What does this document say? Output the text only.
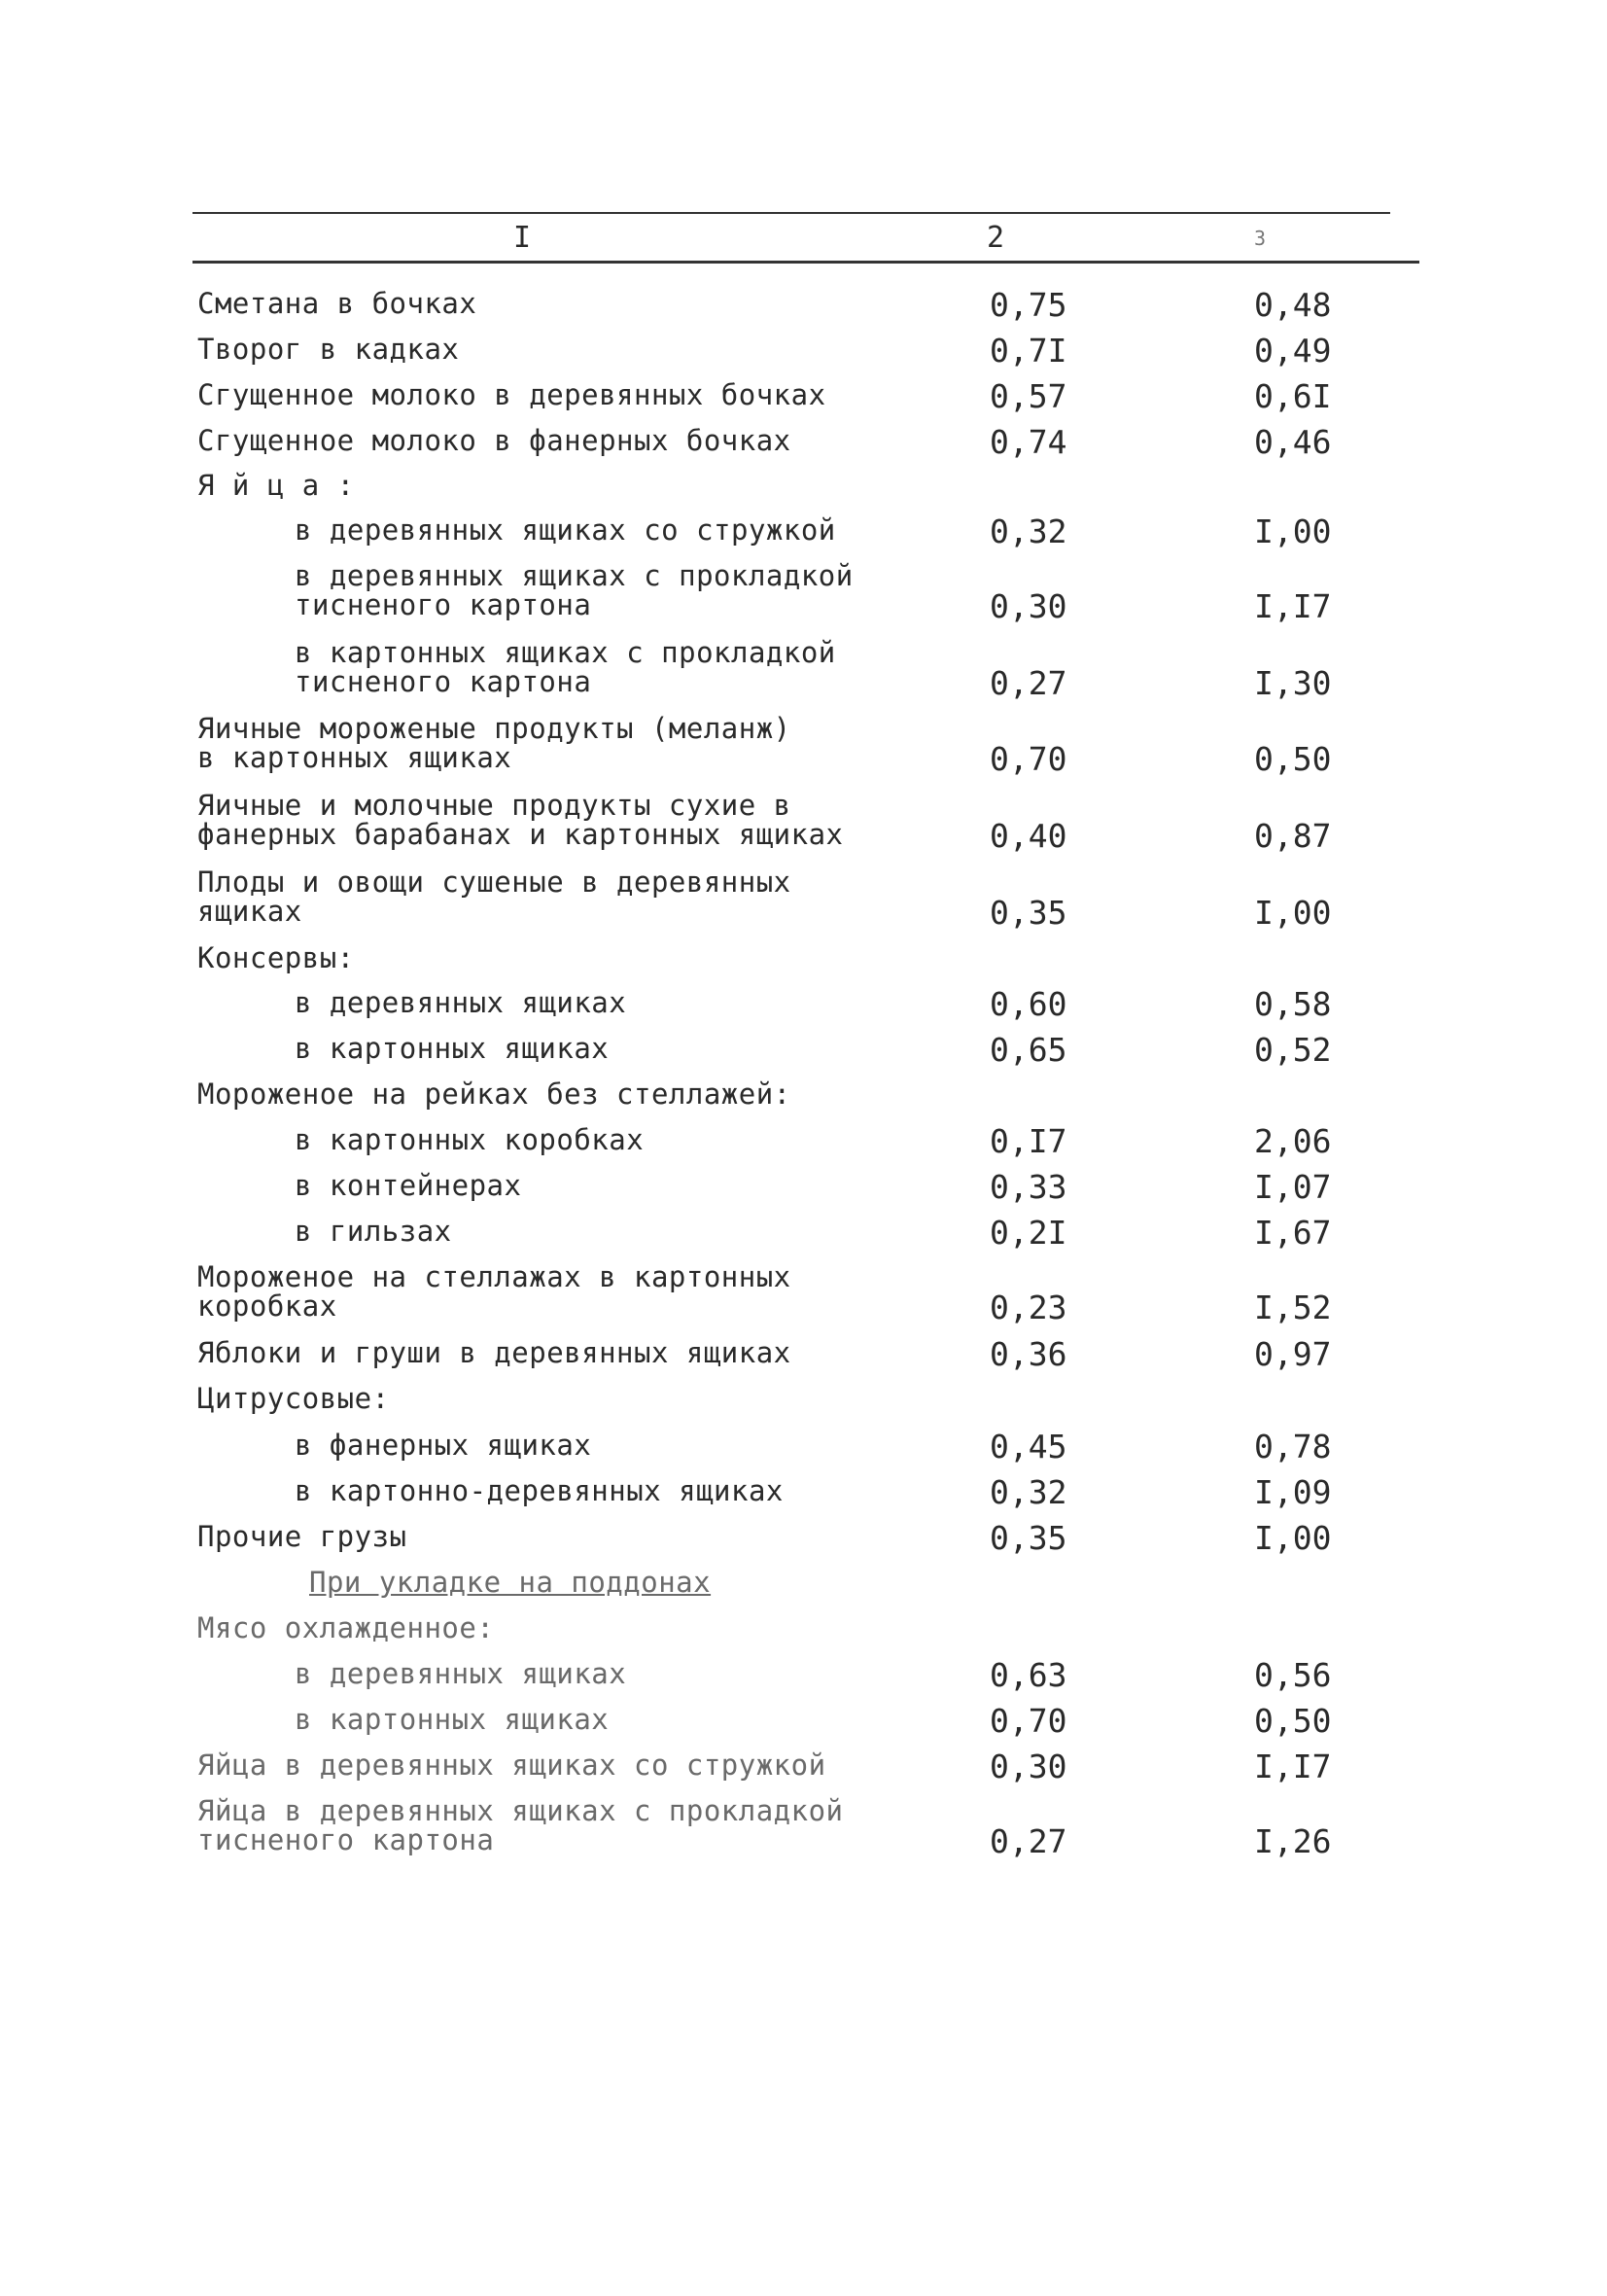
I	2	3
Сметана в бочках	0,75	0,48
Творог в кадках	0,7I	0,49
Сгущенное молоко в деревянных бочках	0,57	0,6I
Сгущенное молоко в фанерных бочках	0,74	0,46
Я й ц а :
в деревянных ящиках со стружкой	0,32	I,00
в деревянных ящиках с прокладкой
тисненого картона	0,30	I,I7
в картонных ящиках с прокладкой
тисненого картона	0,27	I,30
Яичные мороженые продукты (меланж)
в картонных ящиках	0,70	0,50
Яичные и молочные продукты сухие в
фанерных барабанах и картонных ящиках	0,40	0,87
Плоды и овощи сушеные в деревянных
ящиках	0,35	I,00
Консервы:
в деревянных ящиках	0,60	0,58
в картонных ящиках	0,65	0,52
Мороженое на рейках без стеллажей:
в картонных коробках	0,I7	2,06
в контейнерах	0,33	I,07
в гильзах	0,2I	I,67
Мороженое на стеллажах в картонных
коробках	0,23	I,52
Яблоки и груши в деревянных ящиках	0,36	0,97
Цитрусовые:
в фанерных ящиках	0,45	0,78
в картонно-деревянных ящиках	0,32	I,09
Прочие грузы	0,35	I,00
При укладке на поддонах
Мясо охлажденное:
в деревянных ящиках	0,63	0,56
в картонных ящиках	0,70	0,50
Яйца в деревянных ящиках со стружкой	0,30	I,I7
Яйца в деревянных ящиках с прокладкой
тисненого картона	0,27	I,26
